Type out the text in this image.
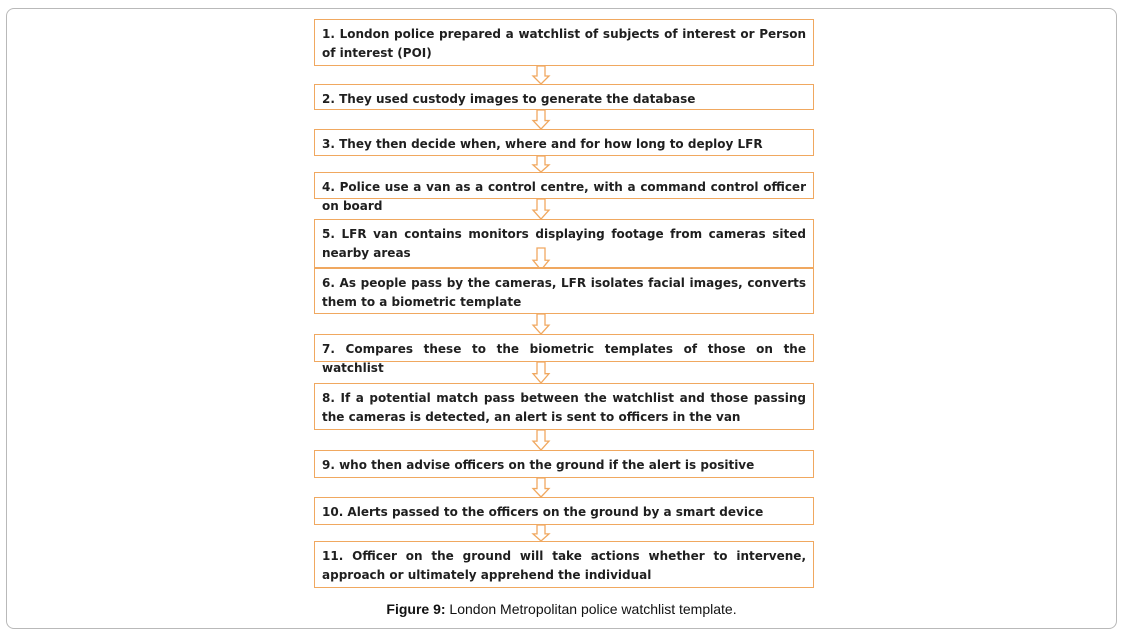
1. London police prepared a watchlist of subjects of interest or Person of interest (POI)
2. They used custody images to generate the database
3. They then decide when, where and for how long to deploy LFR
4. Police use a van as a control centre, with a command control officer on board
5. LFR van contains monitors displaying footage from cameras sited nearby areas
6. As people pass by the cameras, LFR isolates facial images, converts them to a biometric template
7. Compares these to the biometric templates of those on the watchlist
8. If a potential match pass between the watchlist and those passing the cameras is detected, an alert is sent to officers in the van
9. who then advise officers on the ground if the alert is positive
10. Alerts passed to the officers on the ground by a smart device
11. Officer on the ground will take actions whether to intervene, approach or ultimately apprehend the individual
Figure 9: London Metropolitan police watchlist template.
